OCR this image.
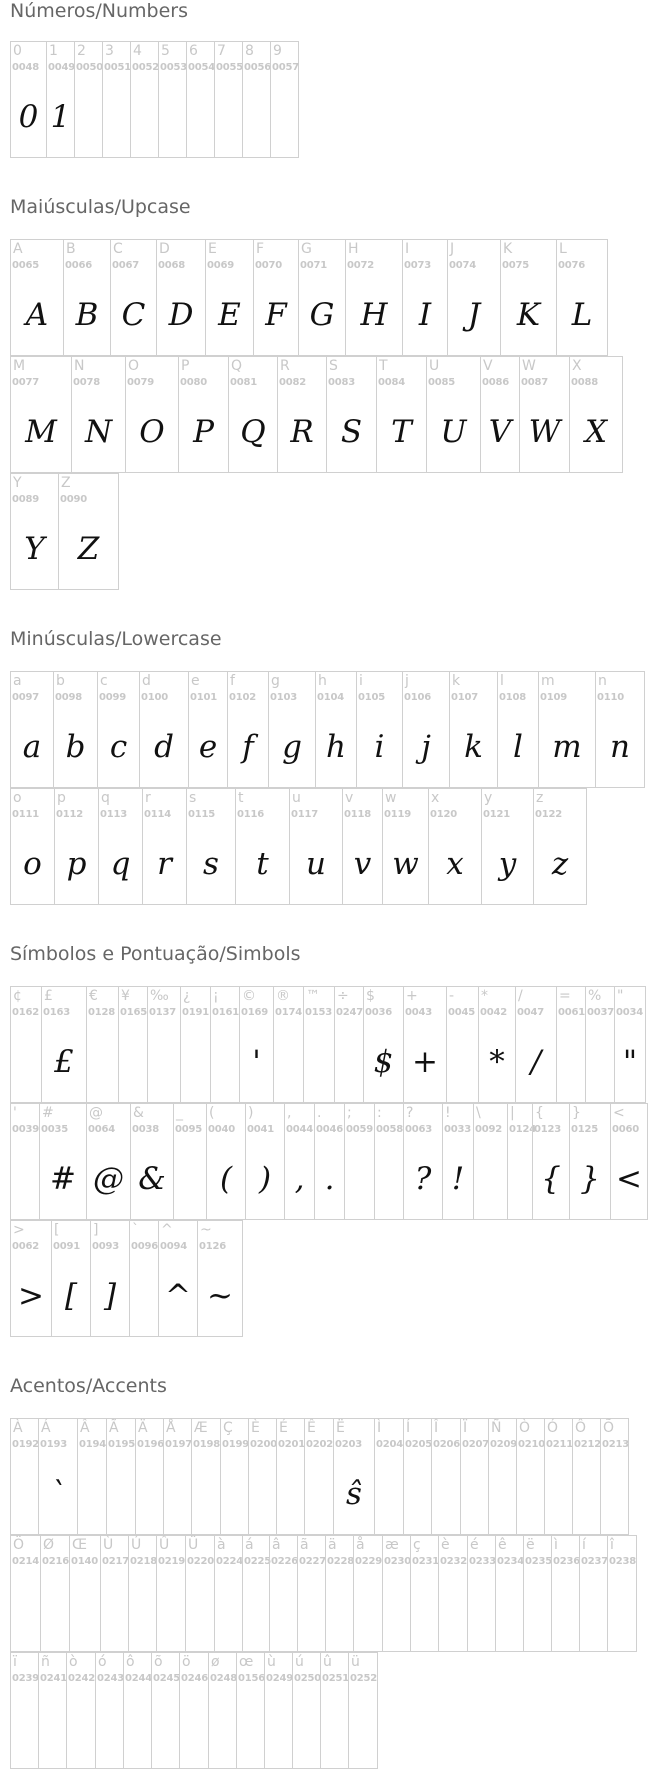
Números/Numbers
Maiúsculas/Upcase
Minúsculas/Lowercase
Símbolos e Pontuação/Simbols
Acentos/Accents
0
0048
0
1
0049
1
2
0050
3
0051
4
0052
5
0053
6
0054
7
0055
8
0056
9
0057
A
0065
A
B
0066
B
C
0067
C
D
0068
D
E
0069
E
F
0070
F
G
0071
G
H
0072
H
I
0073
I
J
0074
J
K
0075
K
L
0076
L
M
0077
M
N
0078
N
O
0079
O
P
0080
P
Q
0081
Q
R
0082
R
S
0083
S
T
0084
T
U
0085
U
V
0086
V
W
0087
W
X
0088
X
Y
0089
Y
Z
0090
Z
a
0097
a
b
0098
b
c
0099
c
d
0100
d
e
0101
e
f
0102
f
g
0103
g
h
0104
h
i
0105
i
j
0106
j
k
0107
k
l
0108
l
m
0109
m
n
0110
n
o
0111
o
p
0112
p
q
0113
q
r
0114
r
s
0115
s
t
0116
t
u
0117
u
v
0118
v
w
0119
w
x
0120
x
y
0121
y
z
0122
z
¢
0162
£
0163
£
€
0128
¥
0165
‰
0137
¿
0191
¡
0161
©
0169
'
®
0174
™
0153
÷
0247
$
0036
$
+
0043
+
-
0045
*
0042
*
/
0047
/
=
0061
%
0037
"
0034
"
'
0039
#
0035
#
@
0064
@
&
0038
&
_
0095
(
0040
(
)
0041
)
,
0044
,
.
0046
.
;
0059
:
0058
?
0063
?
!
0033
!
\
0092
|
0124
{
0123
{
}
0125
}
<
0060
<
>
0062
>
[
0091
[
]
0093
]
`
0096
^
0094
^
~
0126
~
À
0192
Á
0193
`
Â
0194
Ã
0195
Ä
0196
Å
0197
Æ
0198
Ç
0199
È
0200
É
0201
Ê
0202
Ë
0203
ŝ
Ì
0204
Í
0205
Î
0206
Ï
0207
Ñ
0209
Ò
0210
Ó
0211
Ô
0212
Õ
0213
Ö
0214
Ø
0216
Œ
0140
Ù
0217
Ú
0218
Û
0219
Ü
0220
à
0224
á
0225
â
0226
ã
0227
ä
0228
å
0229
æ
0230
ç
0231
è
0232
é
0233
ê
0234
ë
0235
ì
0236
í
0237
î
0238
ï
0239
ñ
0241
ò
0242
ó
0243
ô
0244
õ
0245
ö
0246
ø
0248
œ
0156
ù
0249
ú
0250
û
0251
ü
0252
